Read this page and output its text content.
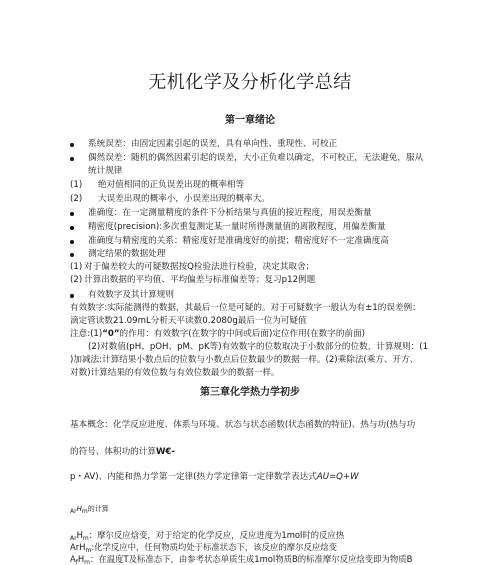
无机化学及分析化学总结
第一章绪论
系统误差：由固定因素引起的误差，具有单向性、重现性、可校正
偶然误差：随机的偶然因素引起的误差，大小正负难以确定，不可校正，无法避免，服从
统计规律
(1) 绝对值相同的正负误差出现的概率相等
(2) 大误差出现的概率小，小误差出现的概率大。
准确度：在一定测量精度的条件下分析结果与真值的接近程度，用误差衡量
精密度(precision):多次重复测定某一量时所得测量值的离散程度，用偏差衡量
准确度与精密度的关系：精密度好是准确度好的前提；精密度好不一定准确度高
测定结果的数据处理
(1) 对于偏差较大的可疑数据按Q检验法进行检验，决定其取舍；
(2) 计算出数据的平均值、平均偏差与标准偏差等；复习p12例题
有效数字及其计算规则
有效数字:实际能测得的数据，其最后一位是可疑的。对于可疑数字一般认为有±1的误差例：
滴定管读数21.09mL分析天平读数0.2080g最后一位为可疑值
注意:(1)“0”的作用：有效数字(在数字的中间或后面)定位作用(在数字的前面)
(2)对数值(pH、pOH、pM、pK等)有效数字的位数取决于小数部分的位数，计算规则：(1
)加减法:计算结果小数点后的位数与小数点后位数最少的数据一样。(2)乘除法(乘方、开方、
对数)计算结果的有效位数与有效位数最少的数据一样。
第三章化学热力学初步
基本概念：化学反应进度、体系与环境、状态与状态函数(状态函数的特征)、热与功(热与功
的符号、体积功的计算W€-
p・AV)、内能和热力学第一定律(热力学定律第一定律数学表达式AU=Q+W
ArHm的计算
$_{Ar}H_m$：摩尔反应焓变，对于给定的化学反应，反应进度为1mol时的反应热
ArH$_m$:化学反应中，任何物质均处于标准状态下，该反应的摩尔反应焓变
$A_fH_m$：在温度T及标准态下，由参考状态单质生成1mol物质B的标准摩尔反应焓变即为物质B
